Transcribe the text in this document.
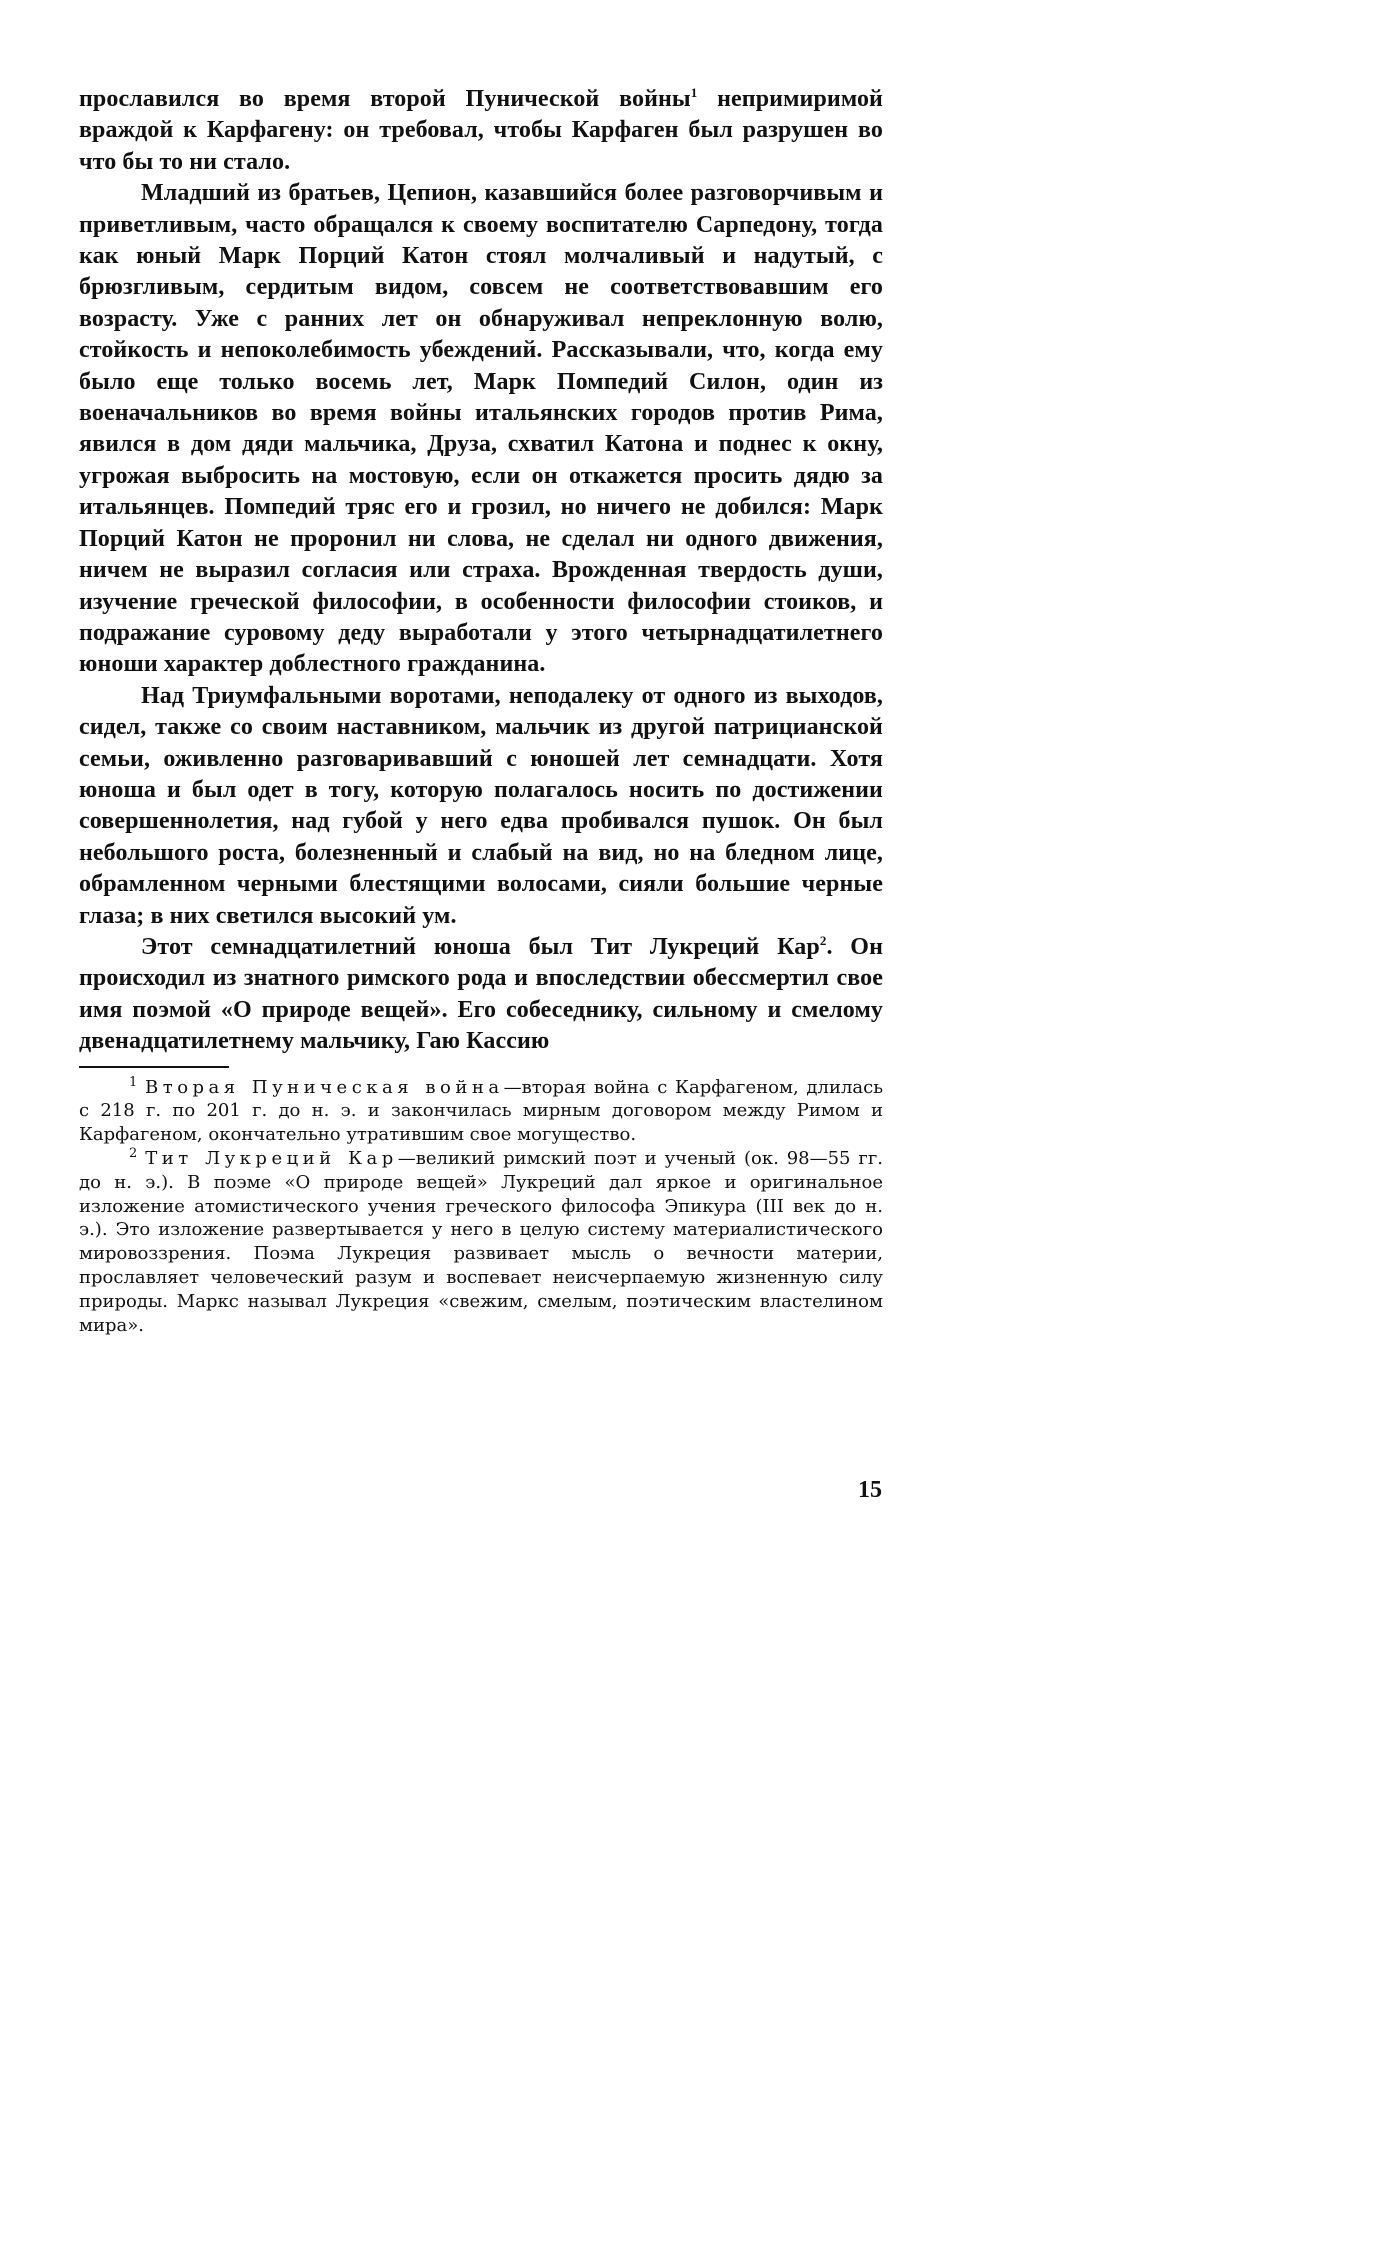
прославился во время второй Пунической войны$^1$ непримиримой враждой к Карфагену: он требовал, чтобы Карфаген был разрушен во что бы то ни стало.

Младший из братьев, Цепион, казавшийся более разговорчивым и приветливым, часто обращался к своему воспитателю Сарпедону, тогда как юный Марк Порций Катон стоял молчаливый и надутый, с брюзгливым, сердитым видом, совсем не соответствовавшим его возрасту. Уже с ранних лет он обнаруживал непреклонную волю, стойкость и непоколебимость убеждений. Рассказывали, что, когда ему было еще только восемь лет, Марк Помпедий Силон, один из военачальников во время войны итальянских городов против Рима, явился в дом дяди мальчика, Друза, схватил Катона и поднес к окну, угрожая выбросить на мостовую, если он откажется просить дядю за итальянцев. Помпедий тряс его и грозил, но ничего не добился: Марк Порций Катон не проронил ни слова, не сделал ни одного движения, ничем не выразил согласия или страха. Врожденная твердость души, изучение греческой философии, в особенности философии стоиков, и подражание суровому деду выработали у этого четырнадцатилетнего юноши характер доблестного гражданина.

Над Триумфальными воротами, неподалеку от одного из выходов, сидел, также со своим наставником, мальчик из другой патрицианской семьи, оживленно разговаривавший с юношей лет семнадцати. Хотя юноша и был одет в тогу, которую полагалось носить по достижении совершеннолетия, над губой у него едва пробивался пушок. Он был небольшого роста, болезненный и слабый на вид, но на бледном лице, обрамленном черными блестящими волосами, сияли большие черные глаза; в них светился высокий ум.

Этот семнадцатилетний юноша был Тит Лукреций Кар$^2$. Он происходил из знатного римского рода и впоследствии обессмертил свое имя поэмой «О природе вещей». Его собеседнику, сильному и смелому двенадцатилетнему мальчику, Гаю Кассию

$^1$ Вторая Пуническая война—вторая война с Карфагеном, длилась с 218 г. по 201 г. до н. э. и закончилась мирным договором между Римом и Карфагеном, окончательно утратившим свое могущество.

$^2$ Тит Лукреций Кар—великий римский поэт и ученый (ок. 98—55 гг. до н. э.). В поэме «О природе вещей» Лукреций дал яркое и оригинальное изложение атомистического учения греческого философа Эпикура (III век до н. э.). Это изложение развертывается у него в целую систему материалистического мировоззрения. Поэма Лукреция развивает мысль о вечности материи, прославляет человеческий разум и воспевает неисчерпаемую жизненную силу природы. Маркс называл Лукреция «свежим, смелым, поэтическим властелином мира».

15
